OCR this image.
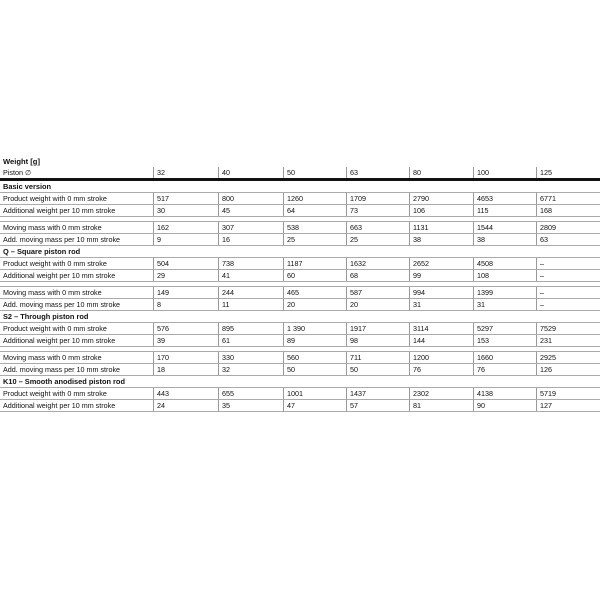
Weight [g]
Piston ∅	32	40	50	63	80	100	125
Basic version
Product weight with 0 mm stroke	517	800	1260	1709	2790	4653	6771
Additional weight per 10 mm stroke	30	45	64	73	106	115	168
Moving mass with 0 mm stroke	162	307	538	663	1131	1544	2809
Add. moving mass per 10 mm stroke	9	16	25	25	38	38	63
Q – Square piston rod
Product weight with 0 mm stroke	504	738	1187	1632	2652	4508	–
Additional weight per 10 mm stroke	29	41	60	68	99	108	–
Moving mass with 0 mm stroke	149	244	465	587	994	1399	–
Add. moving mass per 10 mm stroke	8	11	20	20	31	31	–
S2 – Through piston rod
Product weight with 0 mm stroke	576	895	1 390	1917	3114	5297	7529
Additional weight per 10 mm stroke	39	61	89	98	144	153	231
Moving mass with 0 mm stroke	170	330	560	711	1200	1660	2925
Add. moving mass per 10 mm stroke	18	32	50	50	76	76	126
K10 – Smooth anodised piston rod
Product weight with 0 mm stroke	443	655	1001	1437	2302	4138	5719
Additional weight per 10 mm stroke	24	35	47	57	81	90	127
